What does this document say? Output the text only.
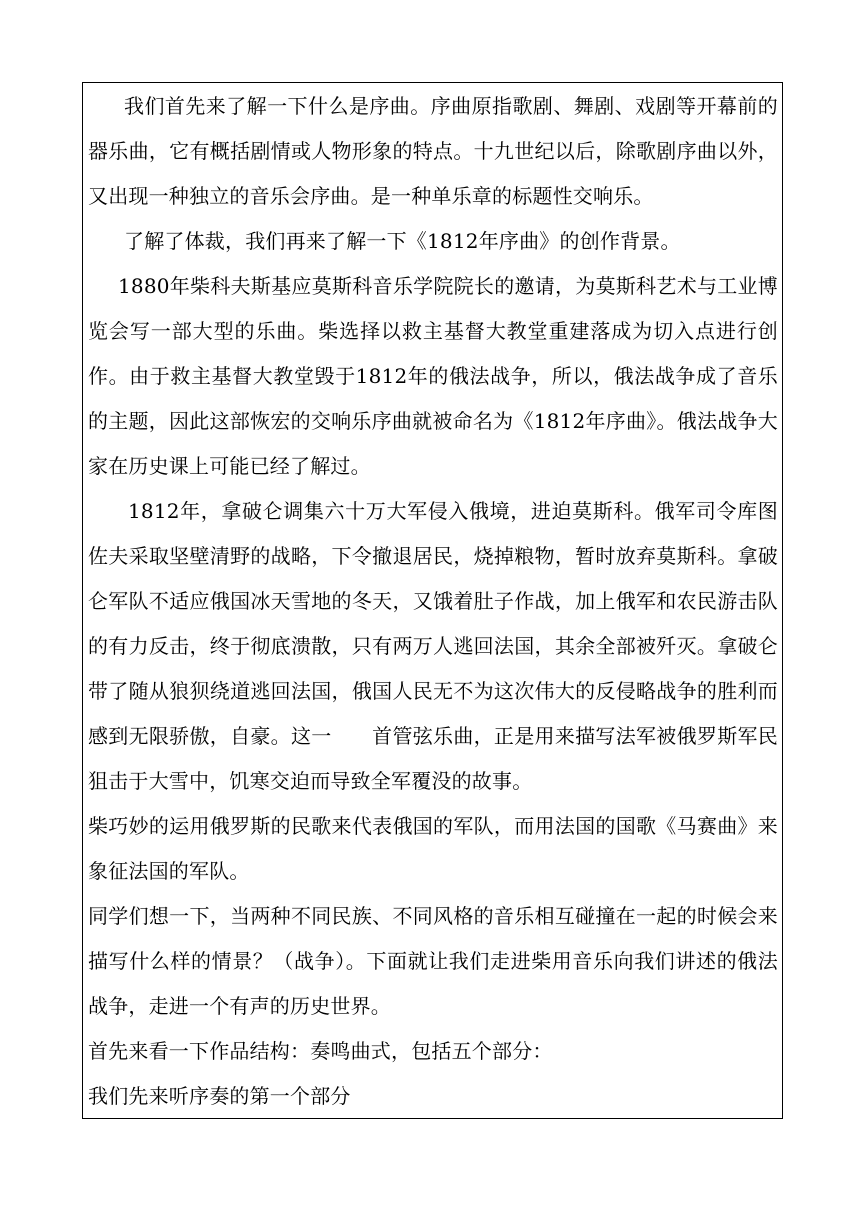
我们首先来了解一下什么是序曲。序曲原指歌剧、舞剧、戏剧等开幕前的器乐曲，它有概括剧情或人物形象的特点。十九世纪以后，除歌剧序曲以外，又出现一种独立的音乐会序曲。是一种单乐章的标题性交响乐。

了解了体裁，我们再来了解一下《1812年序曲》的创作背景。

1880年柴科夫斯基应莫斯科音乐学院院长的邀请，为莫斯科艺术与工业博览会写一部大型的乐曲。柴选择以救主基督大教堂重建落成为切入点进行创作。由于救主基督大教堂毁于1812年的俄法战争，所以，俄法战争成了音乐的主题，因此这部恢宏的交响乐序曲就被命名为《1812年序曲》。俄法战争大家在历史课上可能已经了解过。

1812年，拿破仑调集六十万大军侵入俄境，进迫莫斯科。俄军司令库图佐夫采取坚壁清野的战略，下令撤退居民，烧掉粮物，暂时放弃莫斯科。拿破仑军队不适应俄国冰天雪地的冬天，又饿着肚子作战，加上俄军和农民游击队的有力反击，终于彻底溃散，只有两万人逃回法国，其余全部被歼灭。拿破仑带了随从狼狈绕道逃回法国，俄国人民无不为这次伟大的反侵略战争的胜利而感到无限骄傲，自豪。这一　　首管弦乐曲，正是用来描写法军被俄罗斯军民狙击于大雪中，饥寒交迫而导致全军覆没的故事。

柴巧妙的运用俄罗斯的民歌来代表俄国的军队，而用法国的国歌《马赛曲》来象征法国的军队。

同学们想一下，当两种不同民族、不同风格的音乐相互碰撞在一起的时候会来描写什么样的情景？（战争）。下面就让我们走进柴用音乐向我们讲述的俄法战争，走进一个有声的历史世界。

首先来看一下作品结构：奏鸣曲式，包括五个部分：

我们先来听序奏的第一个部分
